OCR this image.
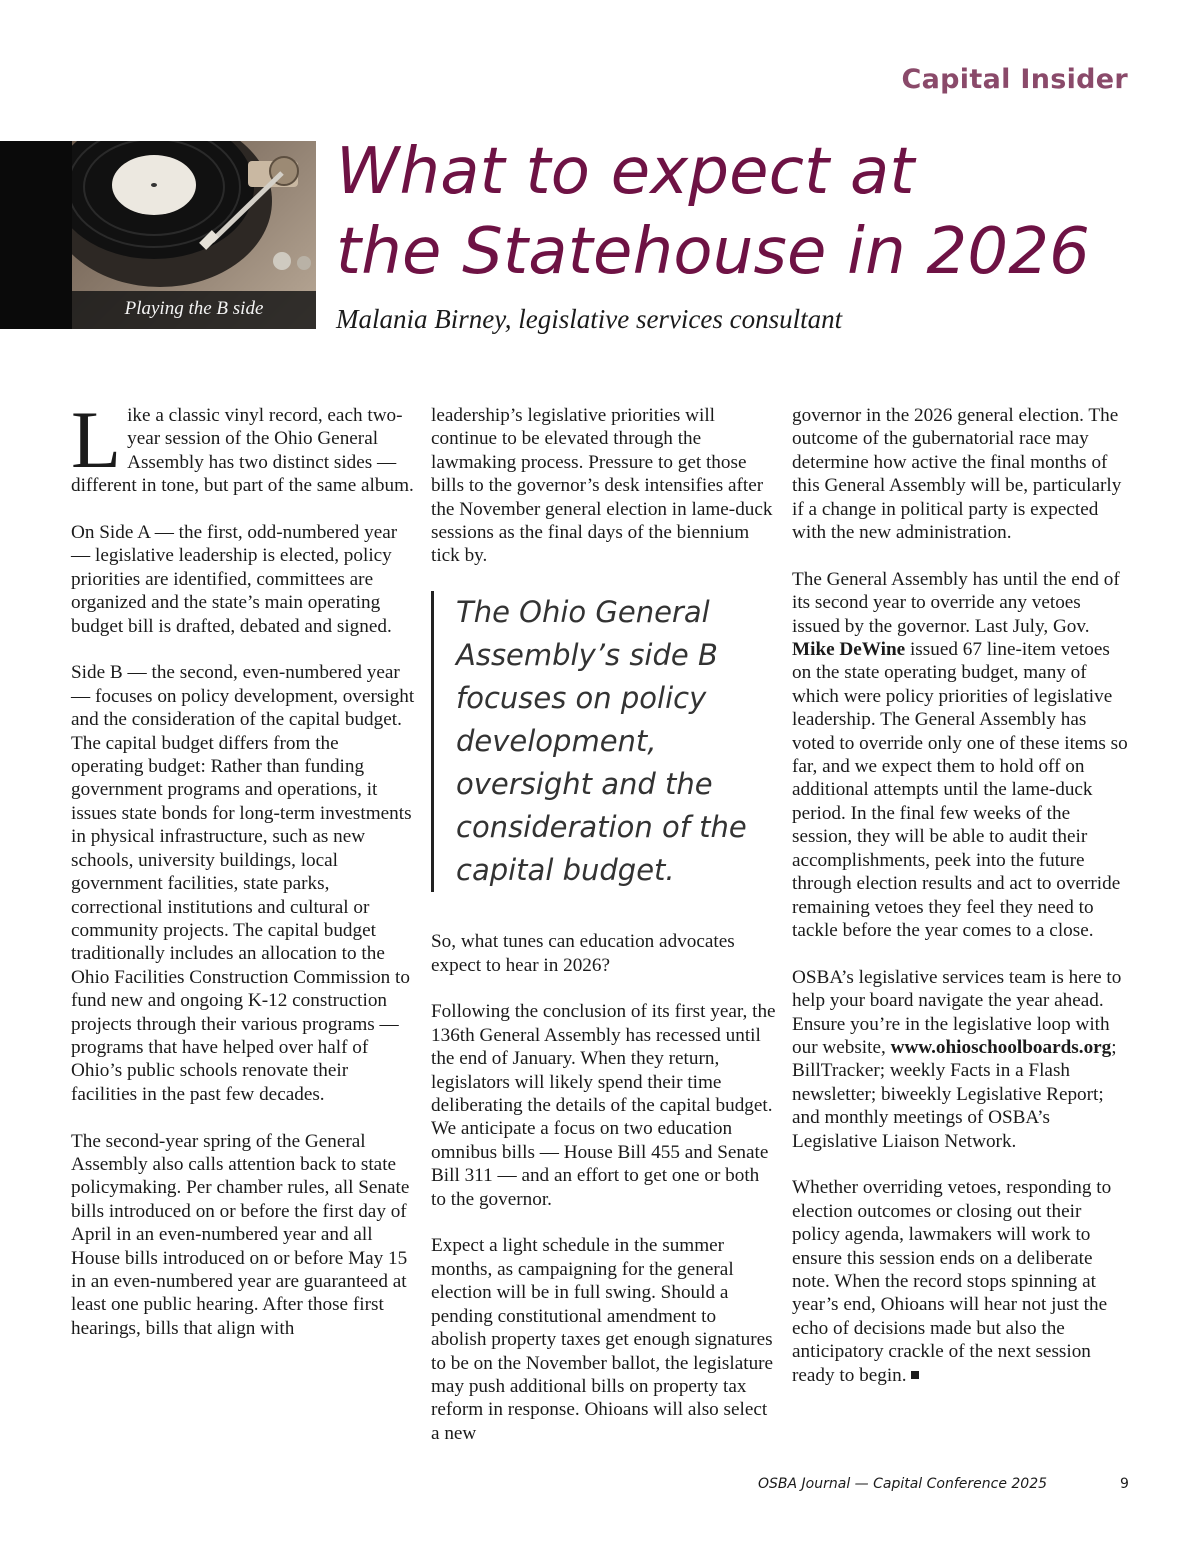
Capital Insider
Playing the B side
What to expect at
the Statehouse in 2026
Malania Birney, legislative services consultant

Like a classic vinyl record, each two-year session of the Ohio General Assembly has two distinct sides — different in tone, but part of the same album.

On Side A — the first, odd-numbered year — legislative leadership is elected, policy priorities are identified, committees are organized and the state’s main operating budget bill is drafted, debated and signed.

Side B — the second, even-numbered year — focuses on policy development, oversight and the consideration of the capital budget. The capital budget differs from the operating budget: Rather than funding government programs and operations, it issues state bonds for long-term investments in physical infrastructure, such as new schools, university buildings, local government facilities, state parks, correctional institutions and cultural or community projects. The capital budget traditionally includes an allocation to the Ohio Facilities Construction Commission to fund new and ongoing K-12 construction projects through their various programs — programs that have helped over half of Ohio’s public schools renovate their facilities in the past few decades.

The second-year spring of the General Assembly also calls attention back to state policymaking. Per chamber rules, all Senate bills introduced on or before the first day of April in an even-numbered year and all House bills introduced on or before May 15 in an even-numbered year are guaranteed at least one public hearing. After those first hearings, bills that align with

leadership’s legislative priorities will continue to be elevated through the lawmaking process. Pressure to get those bills to the governor’s desk intensifies after the November general election in lame-duck sessions as the final days of the biennium tick by.

The Ohio General Assembly’s side B focuses on policy development, oversight and the consideration of the capital budget.

So, what tunes can education advocates expect to hear in 2026?

Following the conclusion of its first year, the 136th General Assembly has recessed until the end of January. When they return, legislators will likely spend their time deliberating the details of the capital budget. We anticipate a focus on two education omnibus bills — House Bill 455 and Senate Bill 311 — and an effort to get one or both to the governor.

Expect a light schedule in the summer months, as campaigning for the general election will be in full swing. Should a pending constitutional amendment to abolish property taxes get enough signatures to be on the November ballot, the legislature may push additional bills on property tax reform in response. Ohioans will also select a new

governor in the 2026 general election. The outcome of the gubernatorial race may determine how active the final months of this General Assembly will be, particularly if a change in political party is expected with the new administration.

The General Assembly has until the end of its second year to override any vetoes issued by the governor. Last July, Gov. Mike DeWine issued 67 line-item vetoes on the state operating budget, many of which were policy priorities of legislative leadership. The General Assembly has voted to override only one of these items so far, and we expect them to hold off on additional attempts until the lame-duck period. In the final few weeks of the session, they will be able to audit their accomplishments, peek into the future through election results and act to override remaining vetoes they feel they need to tackle before the year comes to a close.

OSBA’s legislative services team is here to help your board navigate the year ahead. Ensure you’re in the legislative loop with our website, www.ohioschoolboards.org; BillTracker; weekly Facts in a Flash newsletter; biweekly Legislative Report; and monthly meetings of OSBA’s Legislative Liaison Network.

Whether overriding vetoes, responding to election outcomes or closing out their policy agenda, lawmakers will work to ensure this session ends on a deliberate note. When the record stops spinning at year’s end, Ohioans will hear not just the echo of decisions made but also the anticipatory crackle of the next session ready to begin.

OSBA Journal — Capital Conference 2025	9
